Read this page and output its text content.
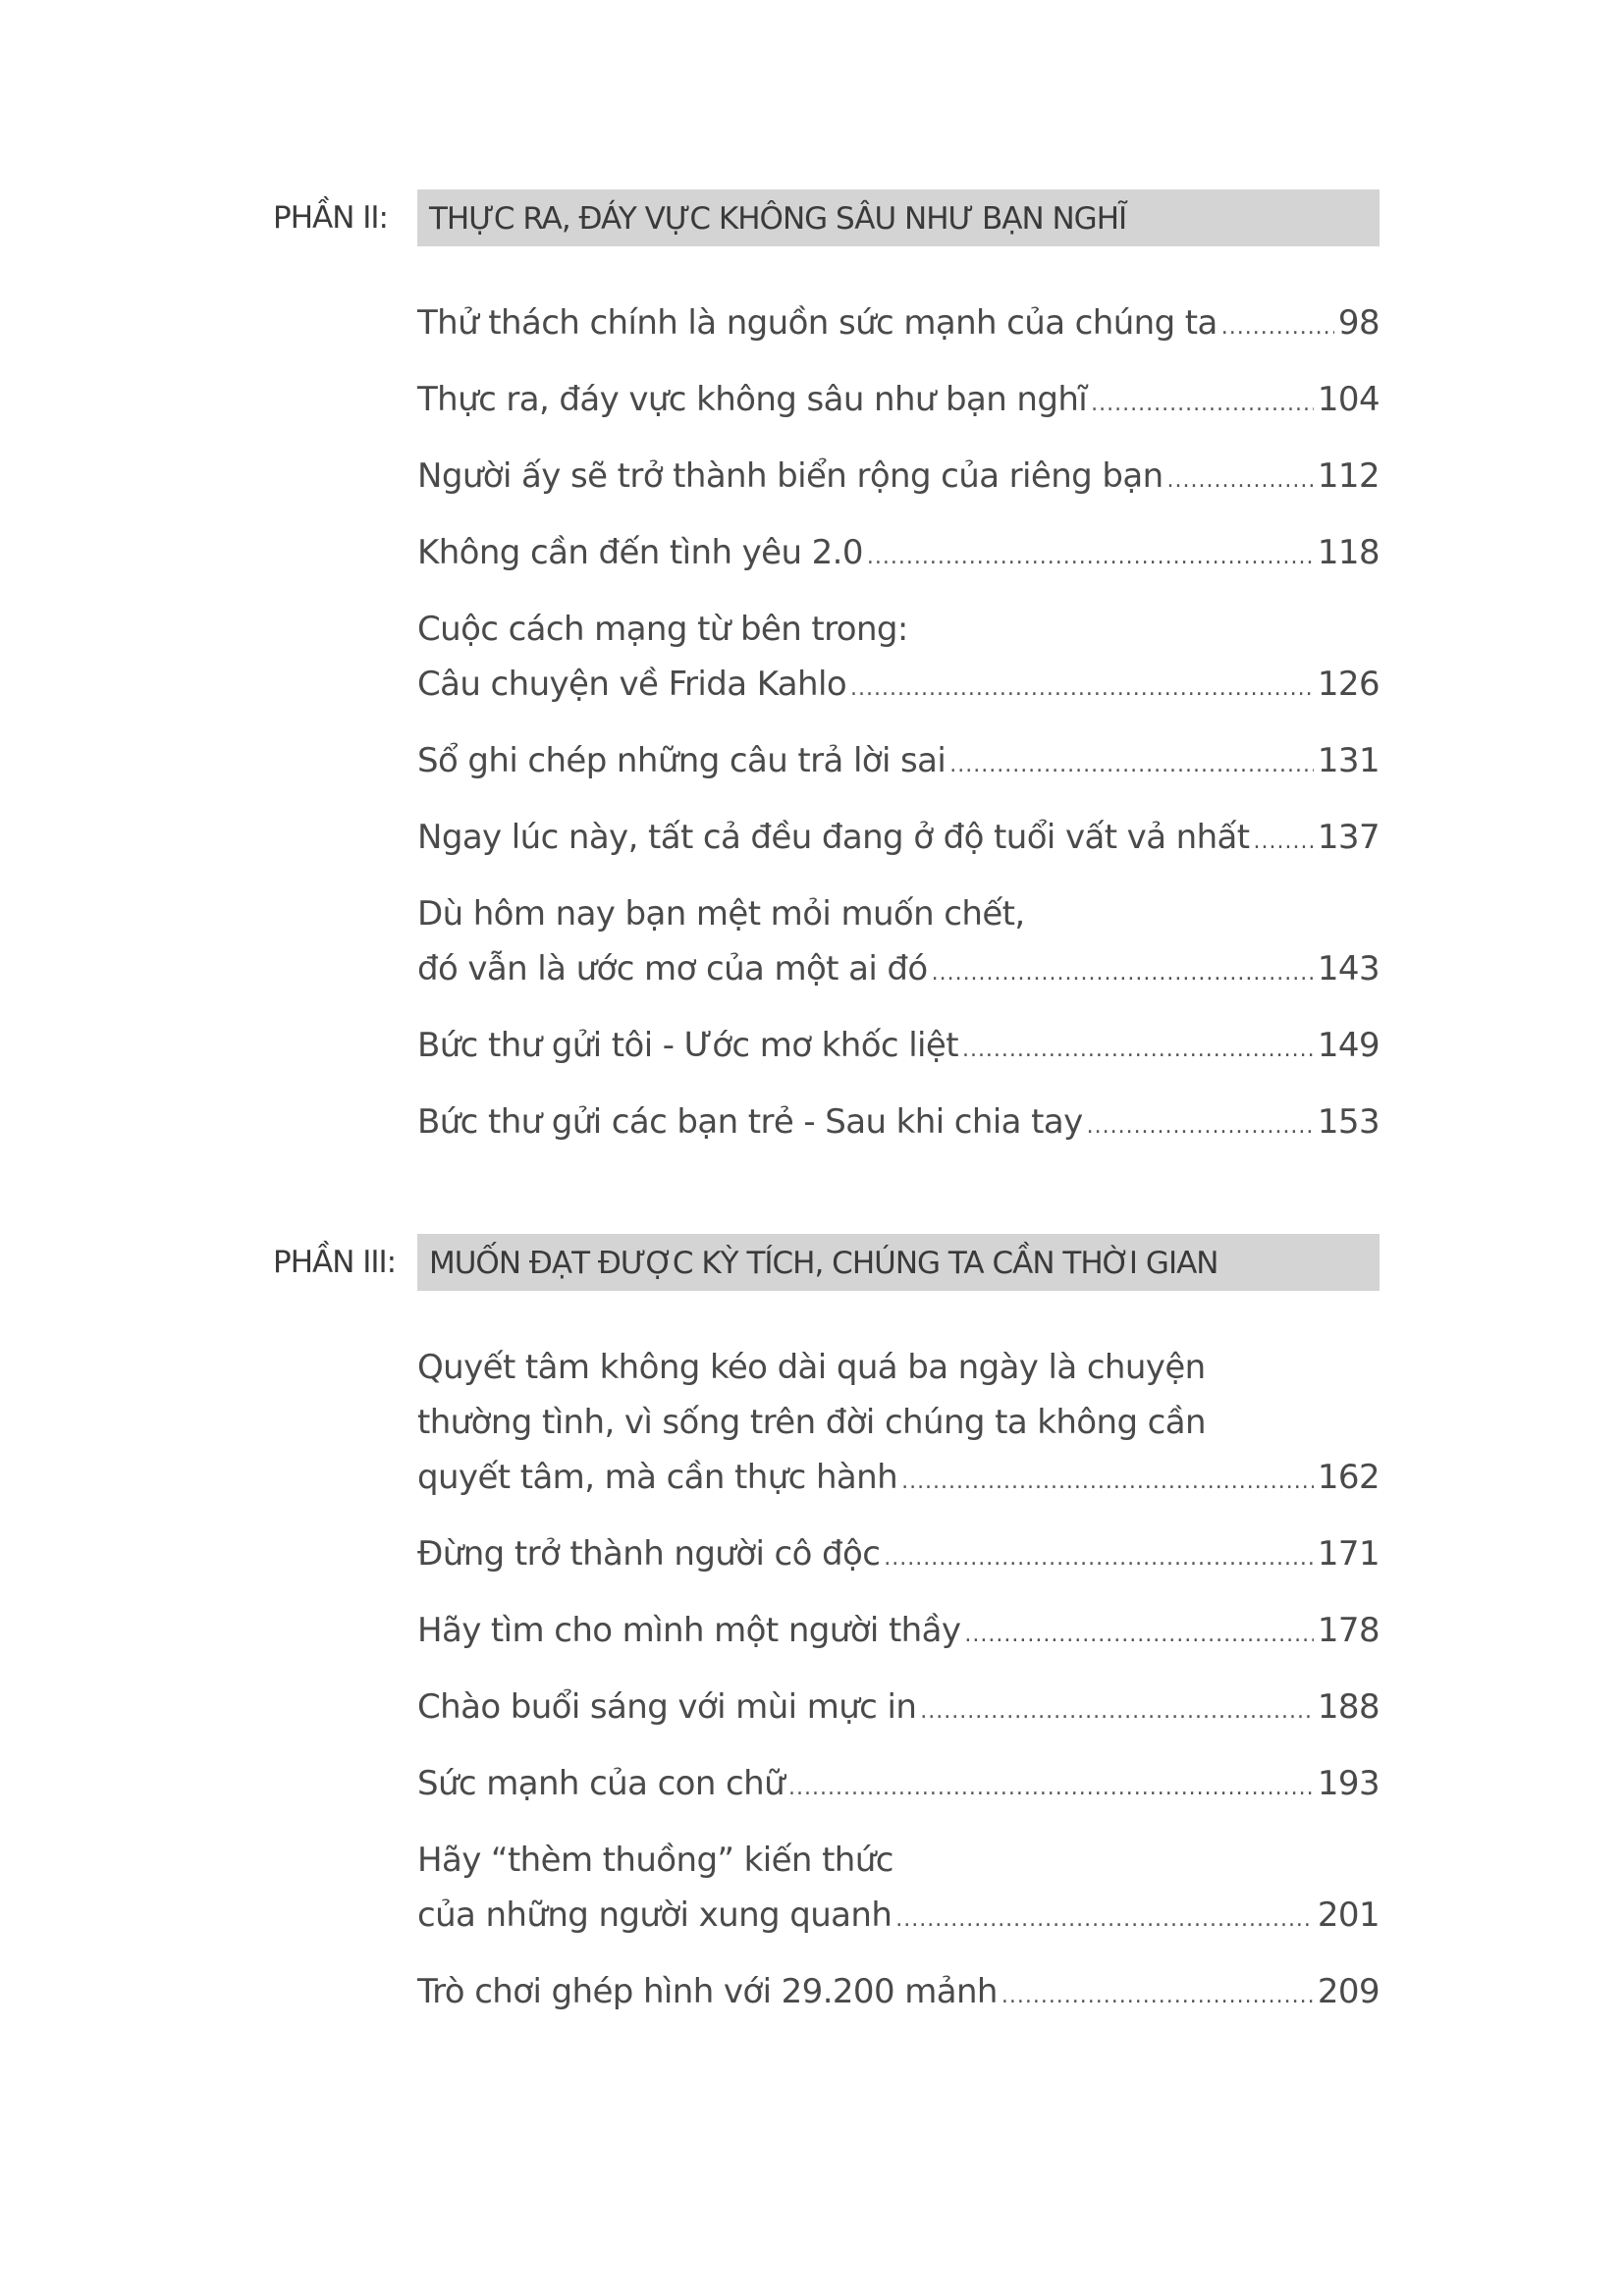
PHẦN II: THỰC RA, ĐÁY VỰC KHÔNG SÂU NHƯ BẠN NGHĨ
Thử thách chính là nguồn sức mạnh của chúng ta .....	98
Thực ra, đáy vực không sâu như bạn nghĩ .....	104
Người ấy sẽ trở thành biển rộng của riêng bạn .....	112
Không cần đến tình yêu 2.0 .....	118
Cuộc cách mạng từ bên trong:
Câu chuyện về Frida Kahlo .....	126
Sổ ghi chép những câu trả lời sai .....	131
Ngay lúc này, tất cả đều đang ở độ tuổi vất vả nhất ..... 137
Dù hôm nay bạn mệt mỏi muốn chết,
đó vẫn là ước mơ của một ai đó .....	143
Bức thư gửi tôi - Ước mơ khốc liệt .....	149
Bức thư gửi các bạn trẻ - Sau khi chia tay .....	153
PHẦN III: MUỐN ĐẠT ĐƯỢC KỲ TÍCH, CHÚNG TA CẦN THỜI GIAN
Quyết tâm không kéo dài quá ba ngày là chuyện
thường tình, vì sống trên đời chúng ta không cần
quyết tâm, mà cần thực hành .....	162
Đừng trở thành người cô độc .....	171
Hãy tìm cho mình một người thầy .....	178
Chào buổi sáng với mùi mực in .....	188
Sức mạnh của con chữ .....	193
Hãy “thèm thuồng” kiến thức
của những người xung quanh .....	201
Trò chơi ghép hình với 29.200 mảnh .....	209
